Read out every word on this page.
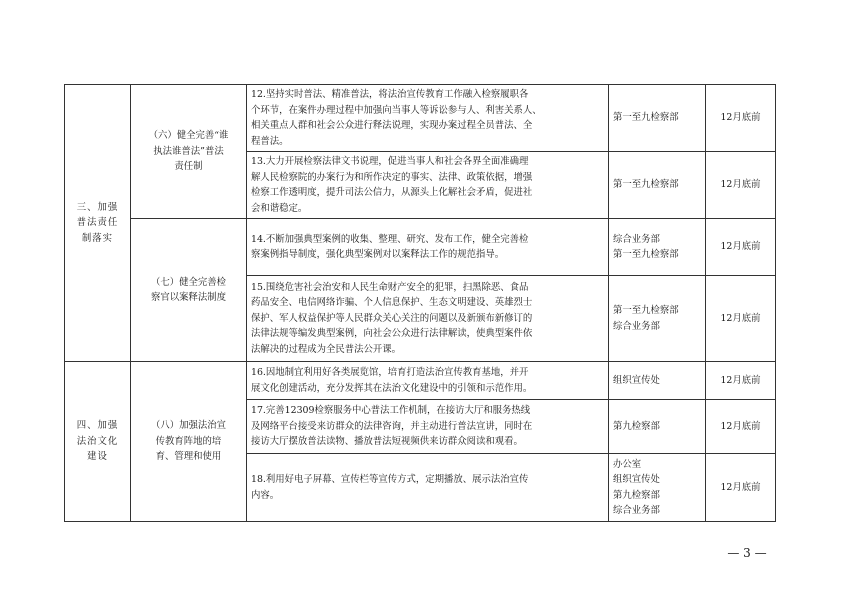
三、加强
普法责任
制落实	（六）健全完善“谁
执法谁普法”普法
责任制	12.坚持实时普法、精准普法，将法治宣传教育工作融入检察履职各
个环节，在案件办理过程中加强向当事人等诉讼参与人、利害关系人、
相关重点人群和社会公众进行释法说理，实现办案过程全员普法、全
程普法。	第一至九检察部	12月底前

		13.大力开展检察法律文书说理，促进当事人和社会各界全面准确理
解人民检察院的办案行为和所作决定的事实、法律、政策依据，增强
检察工作透明度，提升司法公信力，从源头上化解社会矛盾，促进社
会和谐稳定。	第一至九检察部	12月底前

	（七）健全完善检
察官以案释法制度	14.不断加强典型案例的收集、整理、研究、发布工作，健全完善检
察案例指导制度，强化典型案例对以案释法工作的规范指导。	综合业务部
第一至九检察部	12月底前

		15.围绕危害社会治安和人民生命财产安全的犯罪，扫黑除恶、食品
药品安全、电信网络诈骗、个人信息保护、生态文明建设、英雄烈士
保护、军人权益保护等人民群众关心关注的问题以及新颁布新修订的
法律法规等编发典型案例，向社会公众进行法律解读，使典型案件依
法解决的过程成为全民普法公开课。	第一至九检察部
综合业务部	12月底前

四、加强
法治文化
建设	（八）加强法治宣
传教育阵地的培
育、管理和使用	16.因地制宜利用好各类展览馆，培育打造法治宣传教育基地，并开
展文化创建活动，充分发挥其在法治文化建设中的引领和示范作用。	组织宣传处	12月底前

		17.完善12309检察服务中心普法工作机制，在接访大厅和服务热线
及网络平台接受来访群众的法律咨询，并主动进行普法宣讲，同时在
接访大厅摆放普法读物、播放普法短视频供来访群众阅读和观看。	第九检察部	12月底前

		18.利用好电子屏幕、宣传栏等宣传方式，定期播放、展示法治宣传
内容。	办公室
组织宣传处
第九检察部
综合业务部	12月底前
— 3 —
